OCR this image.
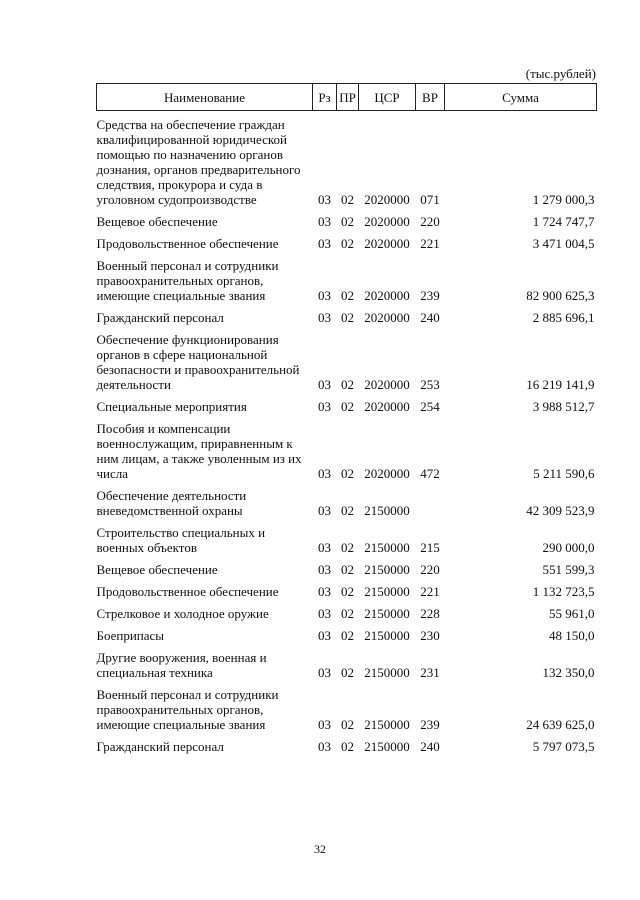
(тыс.рублей)
Наименование	Рз	ПР	ЦСР	ВР	Сумма
Средства на обеспечение граждан квалифицированной юридической помощью по назначению органов дознания, органов предварительного следствия, прокурора и суда в уголовном судопроизводстве	03	02	2020000	071	1 279 000,3
Вещевое обеспечение	03	02	2020000	220	1 724 747,7
Продовольственное обеспечение	03	02	2020000	221	3 471 004,5
Военный персонал и сотрудники правоохранительных органов, имеющие специальные звания	03	02	2020000	239	82 900 625,3
Гражданский персонал	03	02	2020000	240	2 885 696,1
Обеспечение функционирования органов в сфере национальной безопасности и правоохранительной деятельности	03	02	2020000	253	16 219 141,9
Специальные мероприятия	03	02	2020000	254	3 988 512,7
Пособия и компенсации военнослужащим, приравненным к ним лицам, а также уволенным из их числа	03	02	2020000	472	5 211 590,6
Обеспечение деятельности вневедомственной охраны	03	02	2150000		42 309 523,9
Строительство специальных и военных объектов	03	02	2150000	215	290 000,0
Вещевое обеспечение	03	02	2150000	220	551 599,3
Продовольственное обеспечение	03	02	2150000	221	1 132 723,5
Стрелковое и холодное оружие	03	02	2150000	228	55 961,0
Боеприпасы	03	02	2150000	230	48 150,0
Другие вооружения, военная и специальная техника	03	02	2150000	231	132 350,0
Военный персонал и сотрудники правоохранительных органов, имеющие специальные звания	03	02	2150000	239	24 639 625,0
Гражданский персонал	03	02	2150000	240	5 797 073,5
32
